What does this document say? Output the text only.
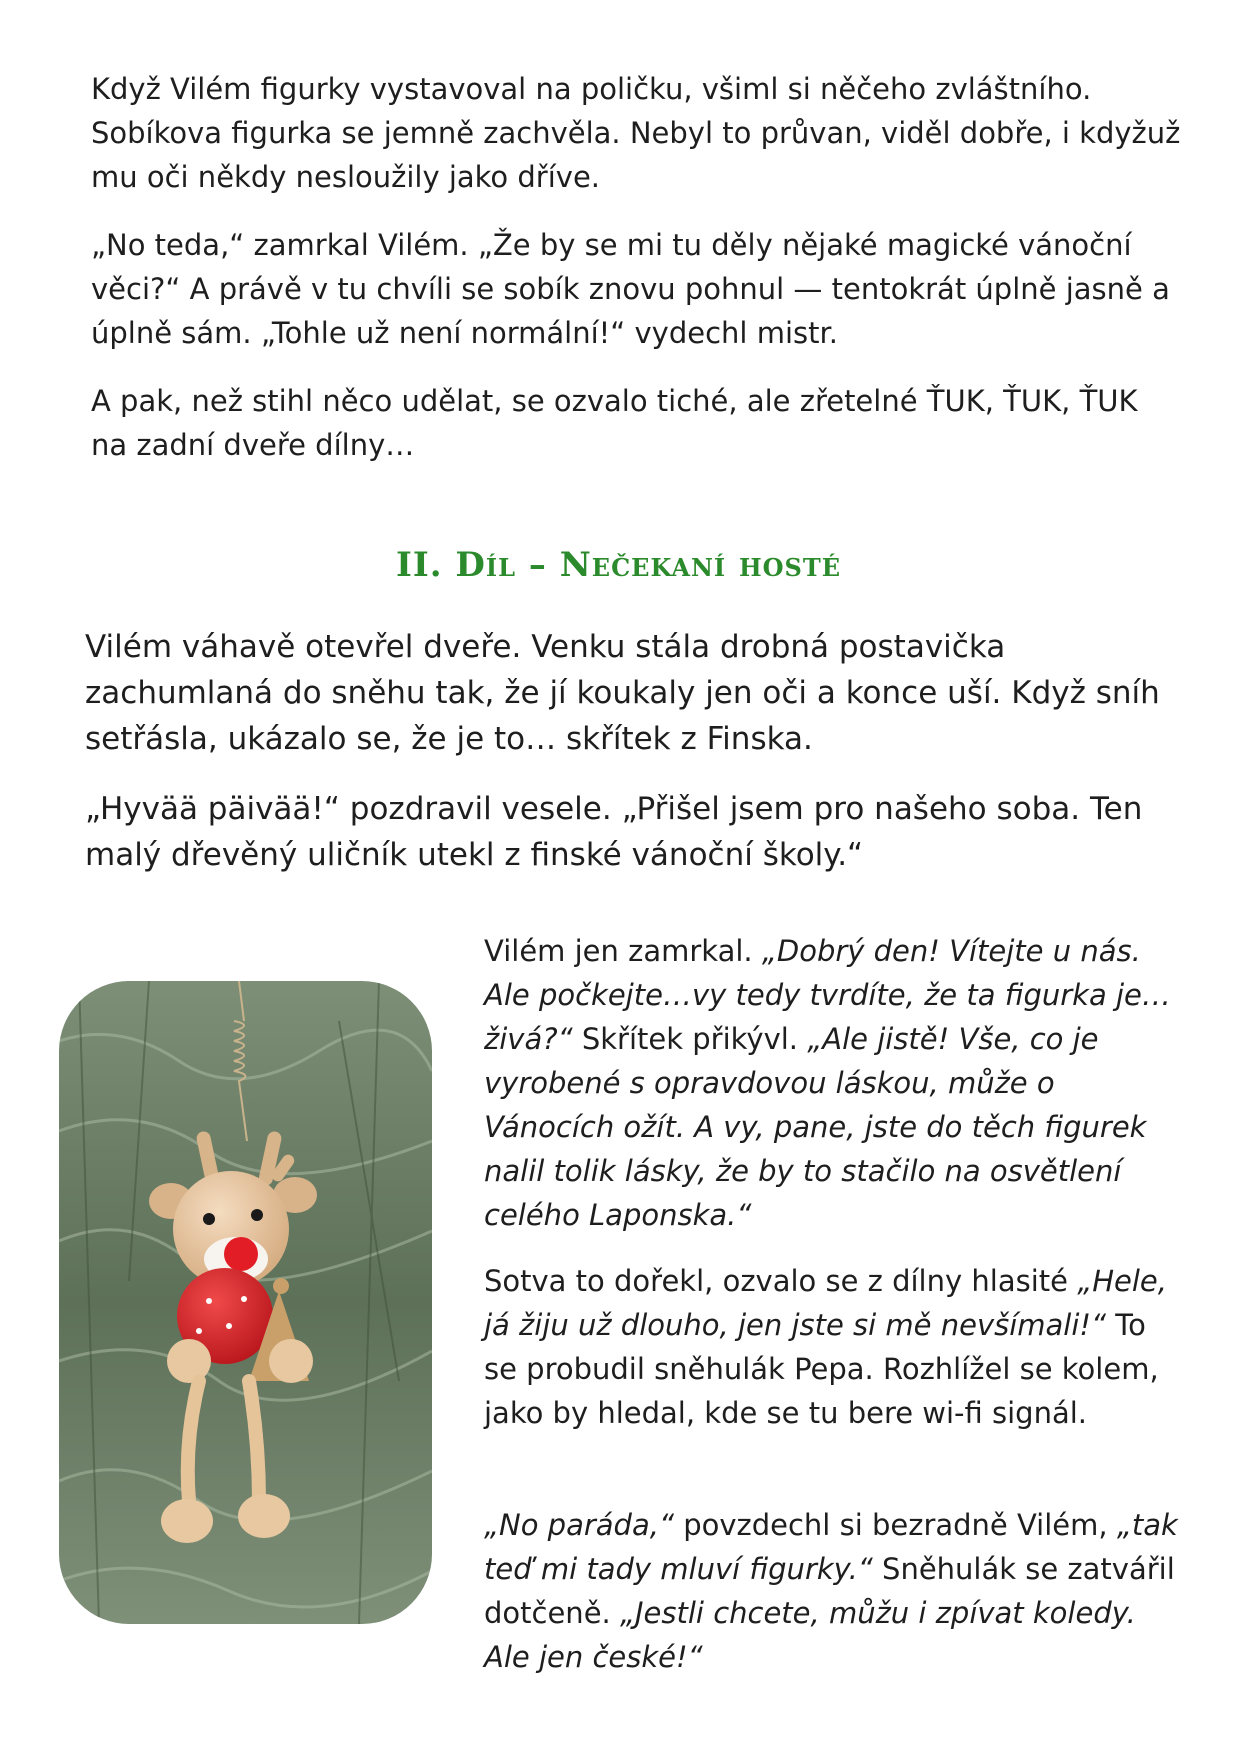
Když Vilém figurky vystavoval na poličku, všiml si něčeho zvláštního. Sobíkova figurka se jemně zachvěla. Nebyl to průvan, viděl dobře, i kdyžuž mu oči někdy nesloužily jako dříve.

„No teda,“ zamrkal Vilém. „Že by se mi tu děly nějaké magické vánoční věci?“ A právě v tu chvíli se sobík znovu pohnul — tentokrát úplně jasně a úplně sám. „Tohle už není normální!“ vydechl mistr.

A pak, než stihl něco udělat, se ozvalo tiché, ale zřetelné ŤUK, ŤUK, ŤUK na zadní dveře dílny…

II. Díl – Nečekaní hosté

Vilém váhavě otevřel dveře. Venku stála drobná postavička zachumlaná do sněhu tak, že jí koukaly jen oči a konce uší. Když sníh setřásla, ukázalo se, že je to… skřítek z Finska.

„Hyvää päivää!“ pozdravil vesele. „Přišel jsem pro našeho soba. Ten malý dřevěný uličník utekl z finské vánoční školy.“

Vilém jen zamrkal. „Dobrý den! Vítejte u nás. Ale počkejte…vy tedy tvrdíte, že ta figurka je… živá?“ Skřítek přikývl. „Ale jistě! Vše, co je vyrobené s opravdovou láskou, může o Vánocích ožít. A vy, pane, jste do těch figurek nalil tolik lásky, že by to stačilo na osvětlení celého Laponska.“

Sotva to dořekl, ozvalo se z dílny hlasité „Hele, já žiju už dlouho, jen jste si mě nevšímali!“ To se probudil sněhulák Pepa. Rozhlížel se kolem, jako by hledal, kde se tu bere wi-fi signál.

„No paráda,“ povzdechl si bezradně Vilém, „tak teď mi tady mluví figurky.“ Sněhulák se zatvářil dotčeně. „Jestli chcete, můžu i zpívat koledy. Ale jen české!“
